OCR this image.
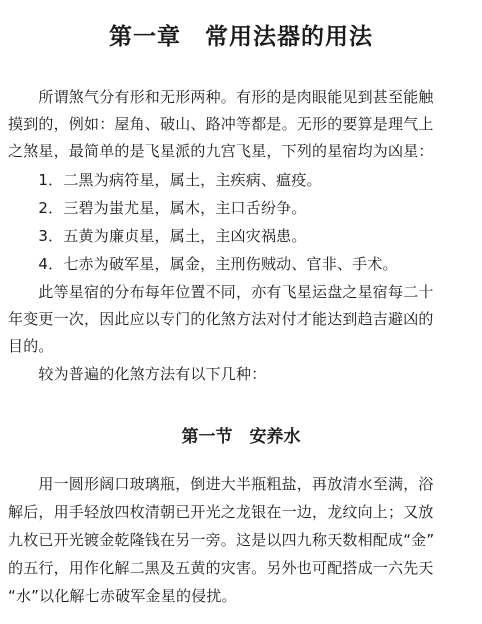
第一章　常用法器的用法
　　所谓煞气分有形和无形两种。有形的是肉眼能见到甚至能触
摸到的，例如：屋角、破山、路冲等都是。无形的要算是理气上
之煞星，最简单的是飞星派的九宫飞星，下列的星宿均为凶星：
　　1．二黑为病符星，属土，主疾病、瘟疫。
　　2．三碧为蚩尤星，属木，主口舌纷争。
　　3．五黄为廉贞星，属土，主凶灾祸患。
　　4．七赤为破军星，属金，主刑伤贼动、官非、手术。
　　此等星宿的分布每年位置不同，亦有飞星运盘之星宿每二十
年变更一次，因此应以专门的化煞方法对付才能达到趋吉避凶的
目的。
　　较为普遍的化煞方法有以下几种：
第一节　安养水
　　用一圆形阔口玻璃瓶，倒进大半瓶粗盐，再放清水至满，浴
解后，用手轻放四枚清朝已开光之龙银在一边，龙纹向上；又放
九枚已开光镀金乾隆钱在另一旁。这是以四九称天数相配成“金”
的五行，用作化解二黑及五黄的灾害。另外也可配搭成一六先天
“水”以化解七赤破军金星的侵扰。
